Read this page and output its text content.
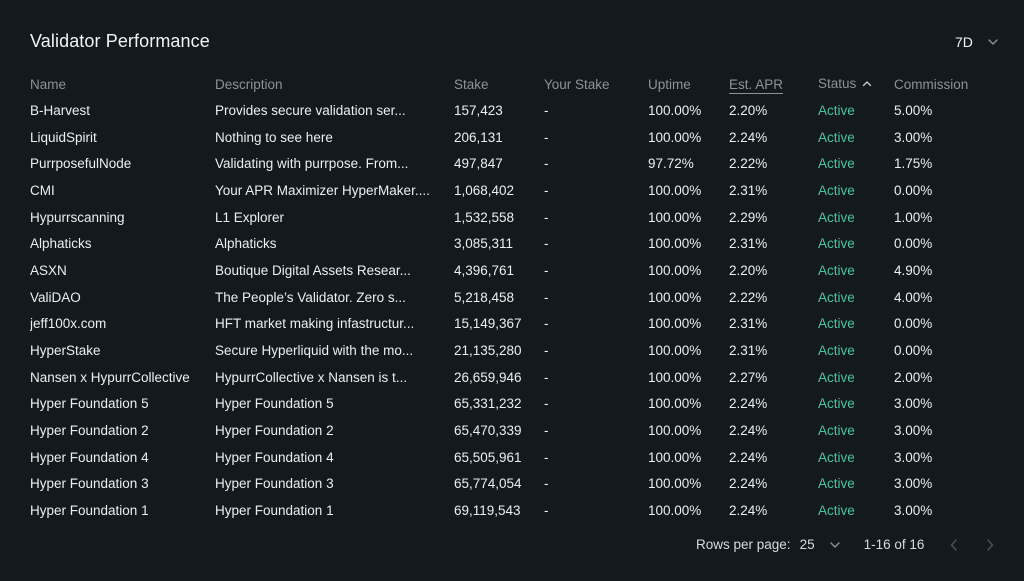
Validator Performance	7D
Name	Description	Stake	Your Stake	Uptime	Est. APR	Status	Commission
B-Harvest	Provides secure validation ser...	157,423	-	100.00%	2.20%	Active	5.00%
LiquidSpirit	Nothing to see here	206,131	-	100.00%	2.24%	Active	3.00%
PurrposefulNode	Validating with purrpose. From...	497,847	-	97.72%	2.22%	Active	1.75%
CMI	Your APR Maximizer HyperMaker....	1,068,402	-	100.00%	2.31%	Active	0.00%
Hypurrscanning	L1 Explorer	1,532,558	-	100.00%	2.29%	Active	1.00%
Alphaticks	Alphaticks	3,085,311	-	100.00%	2.31%	Active	0.00%
ASXN	Boutique Digital Assets Resear...	4,396,761	-	100.00%	2.20%	Active	4.90%
ValiDAO	The People’s Validator. Zero s...	5,218,458	-	100.00%	2.22%	Active	4.00%
jeff100x.com	HFT market making infastructur...	15,149,367	-	100.00%	2.31%	Active	0.00%
HyperStake	Secure Hyperliquid with the mo...	21,135,280	-	100.00%	2.31%	Active	0.00%
Nansen x HypurrCollective	HypurrCollective x Nansen is t...	26,659,946	-	100.00%	2.27%	Active	2.00%
Hyper Foundation 5	Hyper Foundation 5	65,331,232	-	100.00%	2.24%	Active	3.00%
Hyper Foundation 2	Hyper Foundation 2	65,470,339	-	100.00%	2.24%	Active	3.00%
Hyper Foundation 4	Hyper Foundation 4	65,505,961	-	100.00%	2.24%	Active	3.00%
Hyper Foundation 3	Hyper Foundation 3	65,774,054	-	100.00%	2.24%	Active	3.00%
Hyper Foundation 1	Hyper Foundation 1	69,119,543	-	100.00%	2.24%	Active	3.00%
Rows per page: 25	1-16 of 16
